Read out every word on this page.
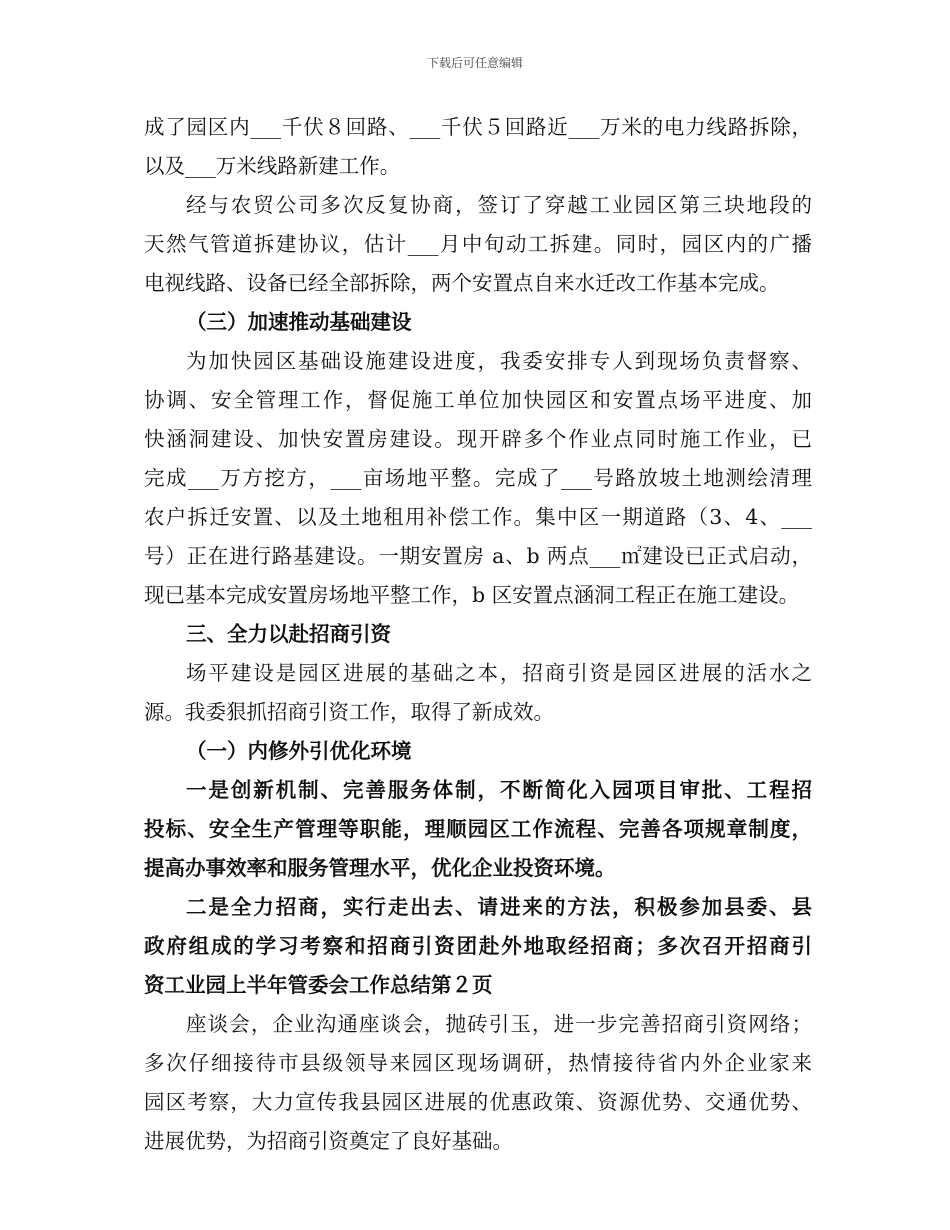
下载后可任意编辑
成了园区内___千伏８回路、___千伏５回路近___万米的电力线路拆除，
以及___万米线路新建工作。
经与农贸公司多次反复协商，签订了穿越工业园区第三块地段的
天然气管道拆建协议，估计___月中旬动工拆建。同时，园区内的广播
电视线路、设备已经全部拆除，两个安置点自来水迁改工作基本完成。
（三）加速推动基础建设
为加快园区基础设施建设进度，我委安排专人到现场负责督察、
协调、安全管理工作，督促施工单位加快园区和安置点场平进度、加
快涵洞建设、加快安置房建设。现开辟多个作业点同时施工作业，已
完成___万方挖方，___亩场地平整。完成了___号路放坡土地测绘清理
农户拆迁安置、以及土地租用补偿工作。集中区一期道路（3、4、___
号）正在进行路基建设。一期安置房 a、b 两点___㎡建设已正式启动，
现已基本完成安置房场地平整工作，b 区安置点涵洞工程正在施工建设。
三、全力以赴招商引资
场平建设是园区进展的基础之本，招商引资是园区进展的活水之
源。我委狠抓招商引资工作，取得了新成效。
（一）内修外引优化环境
一是创新机制、完善服务体制，不断简化入园项目审批、工程招
投标、安全生产管理等职能，理顺园区工作流程、完善各项规章制度，
提高办事效率和服务管理水平，优化企业投资环境。
二是全力招商，实行走出去、请进来的方法，积极参加县委、县
政府组成的学习考察和招商引资团赴外地取经招商；多次召开招商引
资工业园上半年管委会工作总结第２页
座谈会，企业沟通座谈会，抛砖引玉，进一步完善招商引资网络；
多次仔细接待市县级领导来园区现场调研，热情接待省内外企业家来
园区考察，大力宣传我县园区进展的优惠政策、资源优势、交通优势、
进展优势，为招商引资奠定了良好基础。
